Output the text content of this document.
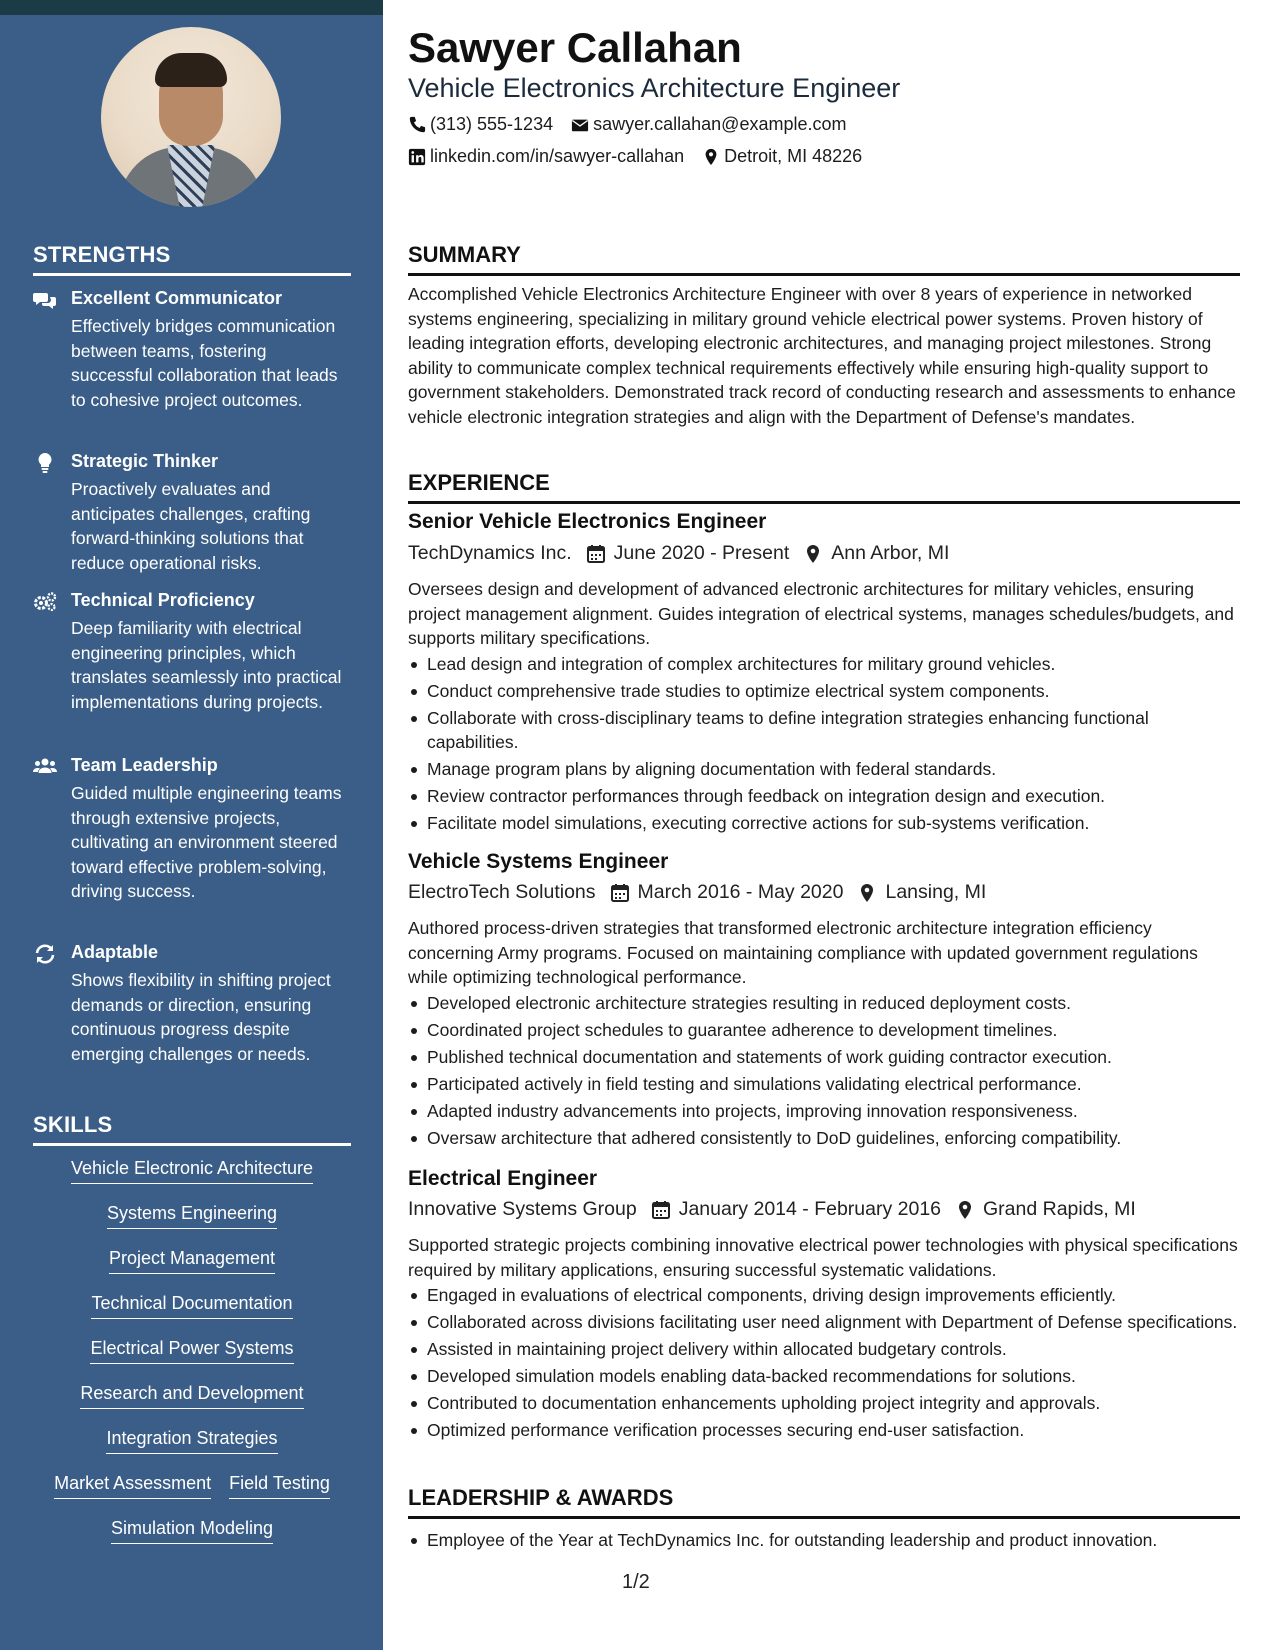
STRENGTHS
Excellent Communicator
Effectively bridges communication between teams, fostering successful collaboration that leads to cohesive project outcomes.
Strategic Thinker
Proactively evaluates and anticipates challenges, crafting forward-thinking solutions that reduce operational risks.
Technical Proficiency
Deep familiarity with electrical engineering principles, which translates seamlessly into practical implementations during projects.
Team Leadership
Guided multiple engineering teams through extensive projects, cultivating an environment steered toward effective problem-solving, driving success.
Adaptable
Shows flexibility in shifting project demands or direction, ensuring continuous progress despite emerging challenges or needs.
SKILLS
Vehicle Electronic Architecture
Systems Engineering
Project Management
Technical Documentation
Electrical Power Systems
Research and Development
Integration Strategies
Market Assessment Field Testing
Simulation Modeling
Sawyer Callahan
Vehicle Electronics Architecture Engineer
(313) 555-1234 sawyer.callahan@example.com
linkedin.com/in/sawyer-callahan Detroit, MI 48226
SUMMARY
Accomplished Vehicle Electronics Architecture Engineer with over 8 years of experience in networked systems engineering, specializing in military ground vehicle electrical power systems. Proven history of leading integration efforts, developing electronic architectures, and managing project milestones. Strong ability to communicate complex technical requirements effectively while ensuring high-quality support to government stakeholders. Demonstrated track record of conducting research and assessments to enhance vehicle electronic integration strategies and align with the Department of Defense's mandates.
EXPERIENCE
Senior Vehicle Electronics Engineer
TechDynamics Inc. June 2020 - Present Ann Arbor, MI
Oversees design and development of advanced electronic architectures for military vehicles, ensuring project management alignment. Guides integration of electrical systems, manages schedules/budgets, and supports military specifications.
Lead design and integration of complex architectures for military ground vehicles.
Conduct comprehensive trade studies to optimize electrical system components.
Collaborate with cross-disciplinary teams to define integration strategies enhancing functional capabilities.
Manage program plans by aligning documentation with federal standards.
Review contractor performances through feedback on integration design and execution.
Facilitate model simulations, executing corrective actions for sub-systems verification.
Vehicle Systems Engineer
ElectroTech Solutions March 2016 - May 2020 Lansing, MI
Authored process-driven strategies that transformed electronic architecture integration efficiency concerning Army programs. Focused on maintaining compliance with updated government regulations while optimizing technological performance.
Developed electronic architecture strategies resulting in reduced deployment costs.
Coordinated project schedules to guarantee adherence to development timelines.
Published technical documentation and statements of work guiding contractor execution.
Participated actively in field testing and simulations validating electrical performance.
Adapted industry advancements into projects, improving innovation responsiveness.
Oversaw architecture that adhered consistently to DoD guidelines, enforcing compatibility.
Electrical Engineer
Innovative Systems Group January 2014 - February 2016 Grand Rapids, MI
Supported strategic projects combining innovative electrical power technologies with physical specifications required by military applications, ensuring successful systematic validations.
Engaged in evaluations of electrical components, driving design improvements efficiently.
Collaborated across divisions facilitating user need alignment with Department of Defense specifications.
Assisted in maintaining project delivery within allocated budgetary controls.
Developed simulation models enabling data-backed recommendations for solutions.
Contributed to documentation enhancements upholding project integrity and approvals.
Optimized performance verification processes securing end-user satisfaction.
LEADERSHIP & AWARDS
Employee of the Year at TechDynamics Inc. for outstanding leadership and product innovation.
1/2
